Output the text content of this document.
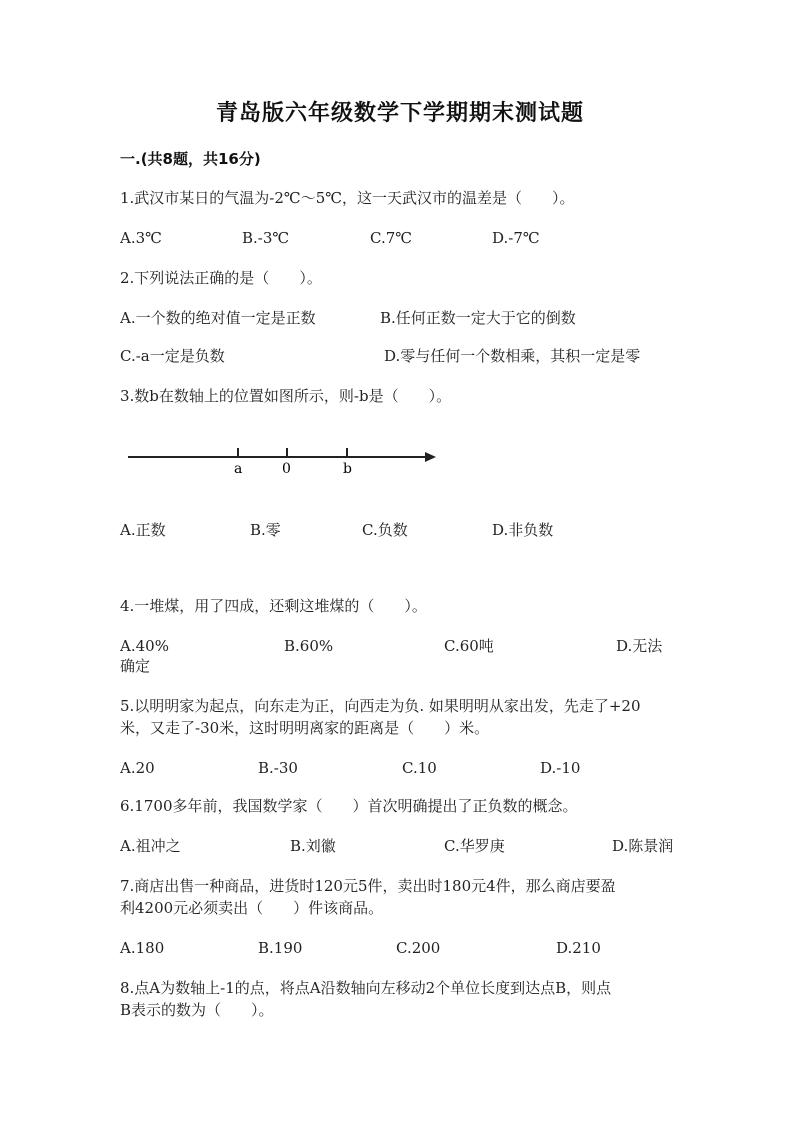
青岛版六年级数学下学期期末测试题
一.(共8题，共16分)
1.武汉市某日的气温为-2℃～5℃，这一天武汉市的温差是（　　）。
A.3℃	B.-3℃	C.7℃	D.-7℃
2.下列说法正确的是（　　）。
A.一个数的绝对值一定是正数	B.任何正数一定大于它的倒数
C.-a一定是负数	D.零与任何一个数相乘，其积一定是零
3.数b在数轴上的位置如图所示，则-b是（　　）。
a	0	b
A.正数	B.零	C.负数	D.非负数
4.一堆煤，用了四成，还剩这堆煤的（　　）。
A.40%	B.60%	C.60吨	D.无法
确定
5.以明明家为起点，向东走为正，向西走为负. 如果明明从家出发，先走了+20
米，又走了-30米，这时明明离家的距离是（　　）米。
A.20	B.-30	C.10	D.-10
6.1700多年前，我国数学家（　　）首次明确提出了正负数的概念。
A.祖冲之	B.刘徽	C.华罗庚	D.陈景润
7.商店出售一种商品，进货时120元5件，卖出时180元4件，那么商店要盈
利4200元必须卖出（　　）件该商品。
A.180	B.190	C.200	D.210
8.点A为数轴上-1的点，将点A沿数轴向左移动2个单位长度到达点B，则点
B表示的数为（　　）。
